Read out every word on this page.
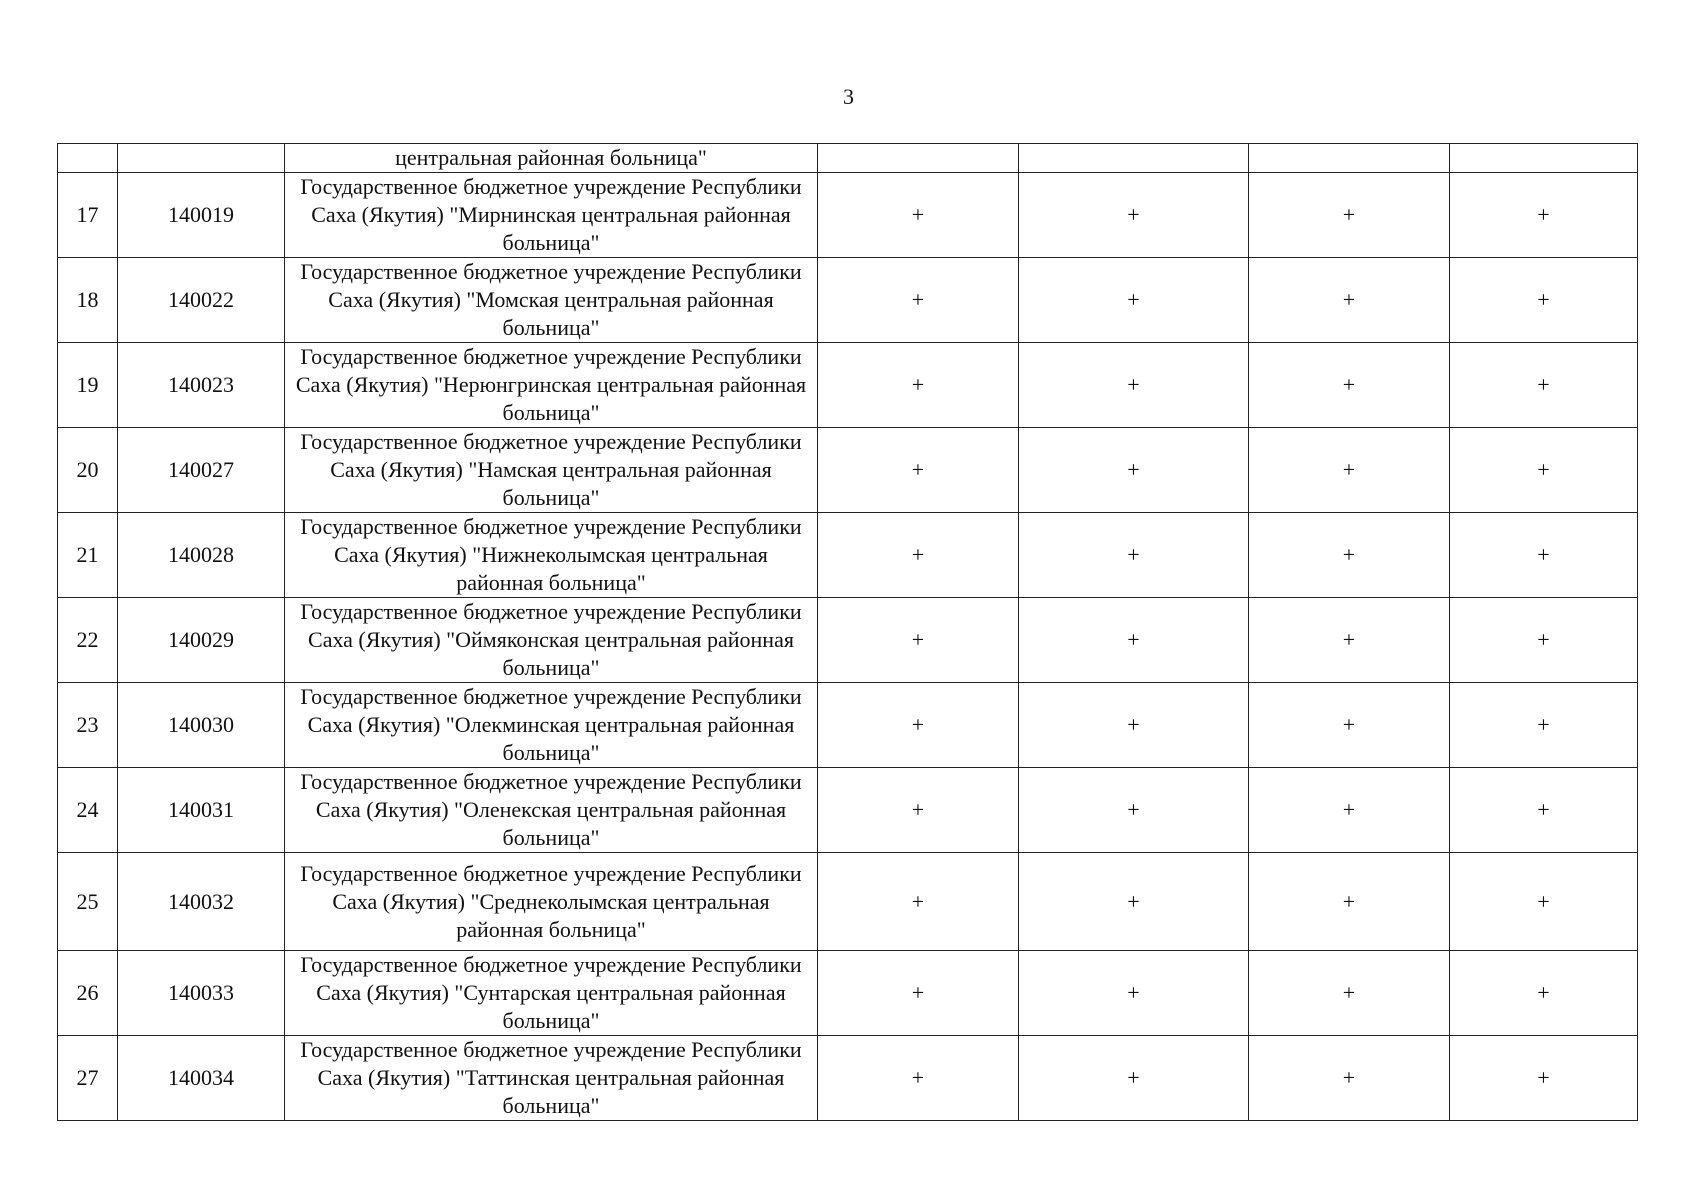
3
		центральная районная больница"				
17	140019	Государственное бюджетное учреждение Республики Саха (Якутия) "Мирнинская центральная районная больница"	+	+	+	+
18	140022	Государственное бюджетное учреждение Республики Саха (Якутия) "Момская центральная районная больница"	+	+	+	+
19	140023	Государственное бюджетное учреждение Республики Саха (Якутия) "Нерюнгринская центральная районная больница"	+	+	+	+
20	140027	Государственное бюджетное учреждение Республики Саха (Якутия) "Намская центральная районная больница"	+	+	+	+
21	140028	Государственное бюджетное учреждение Республики Саха (Якутия) "Нижнеколымская центральная районная больница"	+	+	+	+
22	140029	Государственное бюджетное учреждение Республики Саха (Якутия) "Оймяконская центральная районная больница"	+	+	+	+
23	140030	Государственное бюджетное учреждение Республики Саха (Якутия) "Олекминская центральная районная больница"	+	+	+	+
24	140031	Государственное бюджетное учреждение Республики Саха (Якутия) "Оленекская центральная районная больница"	+	+	+	+
25	140032	Государственное бюджетное учреждение Республики Саха (Якутия) "Среднеколымская центральная районная больница"	+	+	+	+
26	140033	Государственное бюджетное учреждение Республики Саха (Якутия) "Сунтарская центральная районная больница"	+	+	+	+
27	140034	Государственное бюджетное учреждение Республики Саха (Якутия) "Таттинская центральная районная больница"	+	+	+	+
